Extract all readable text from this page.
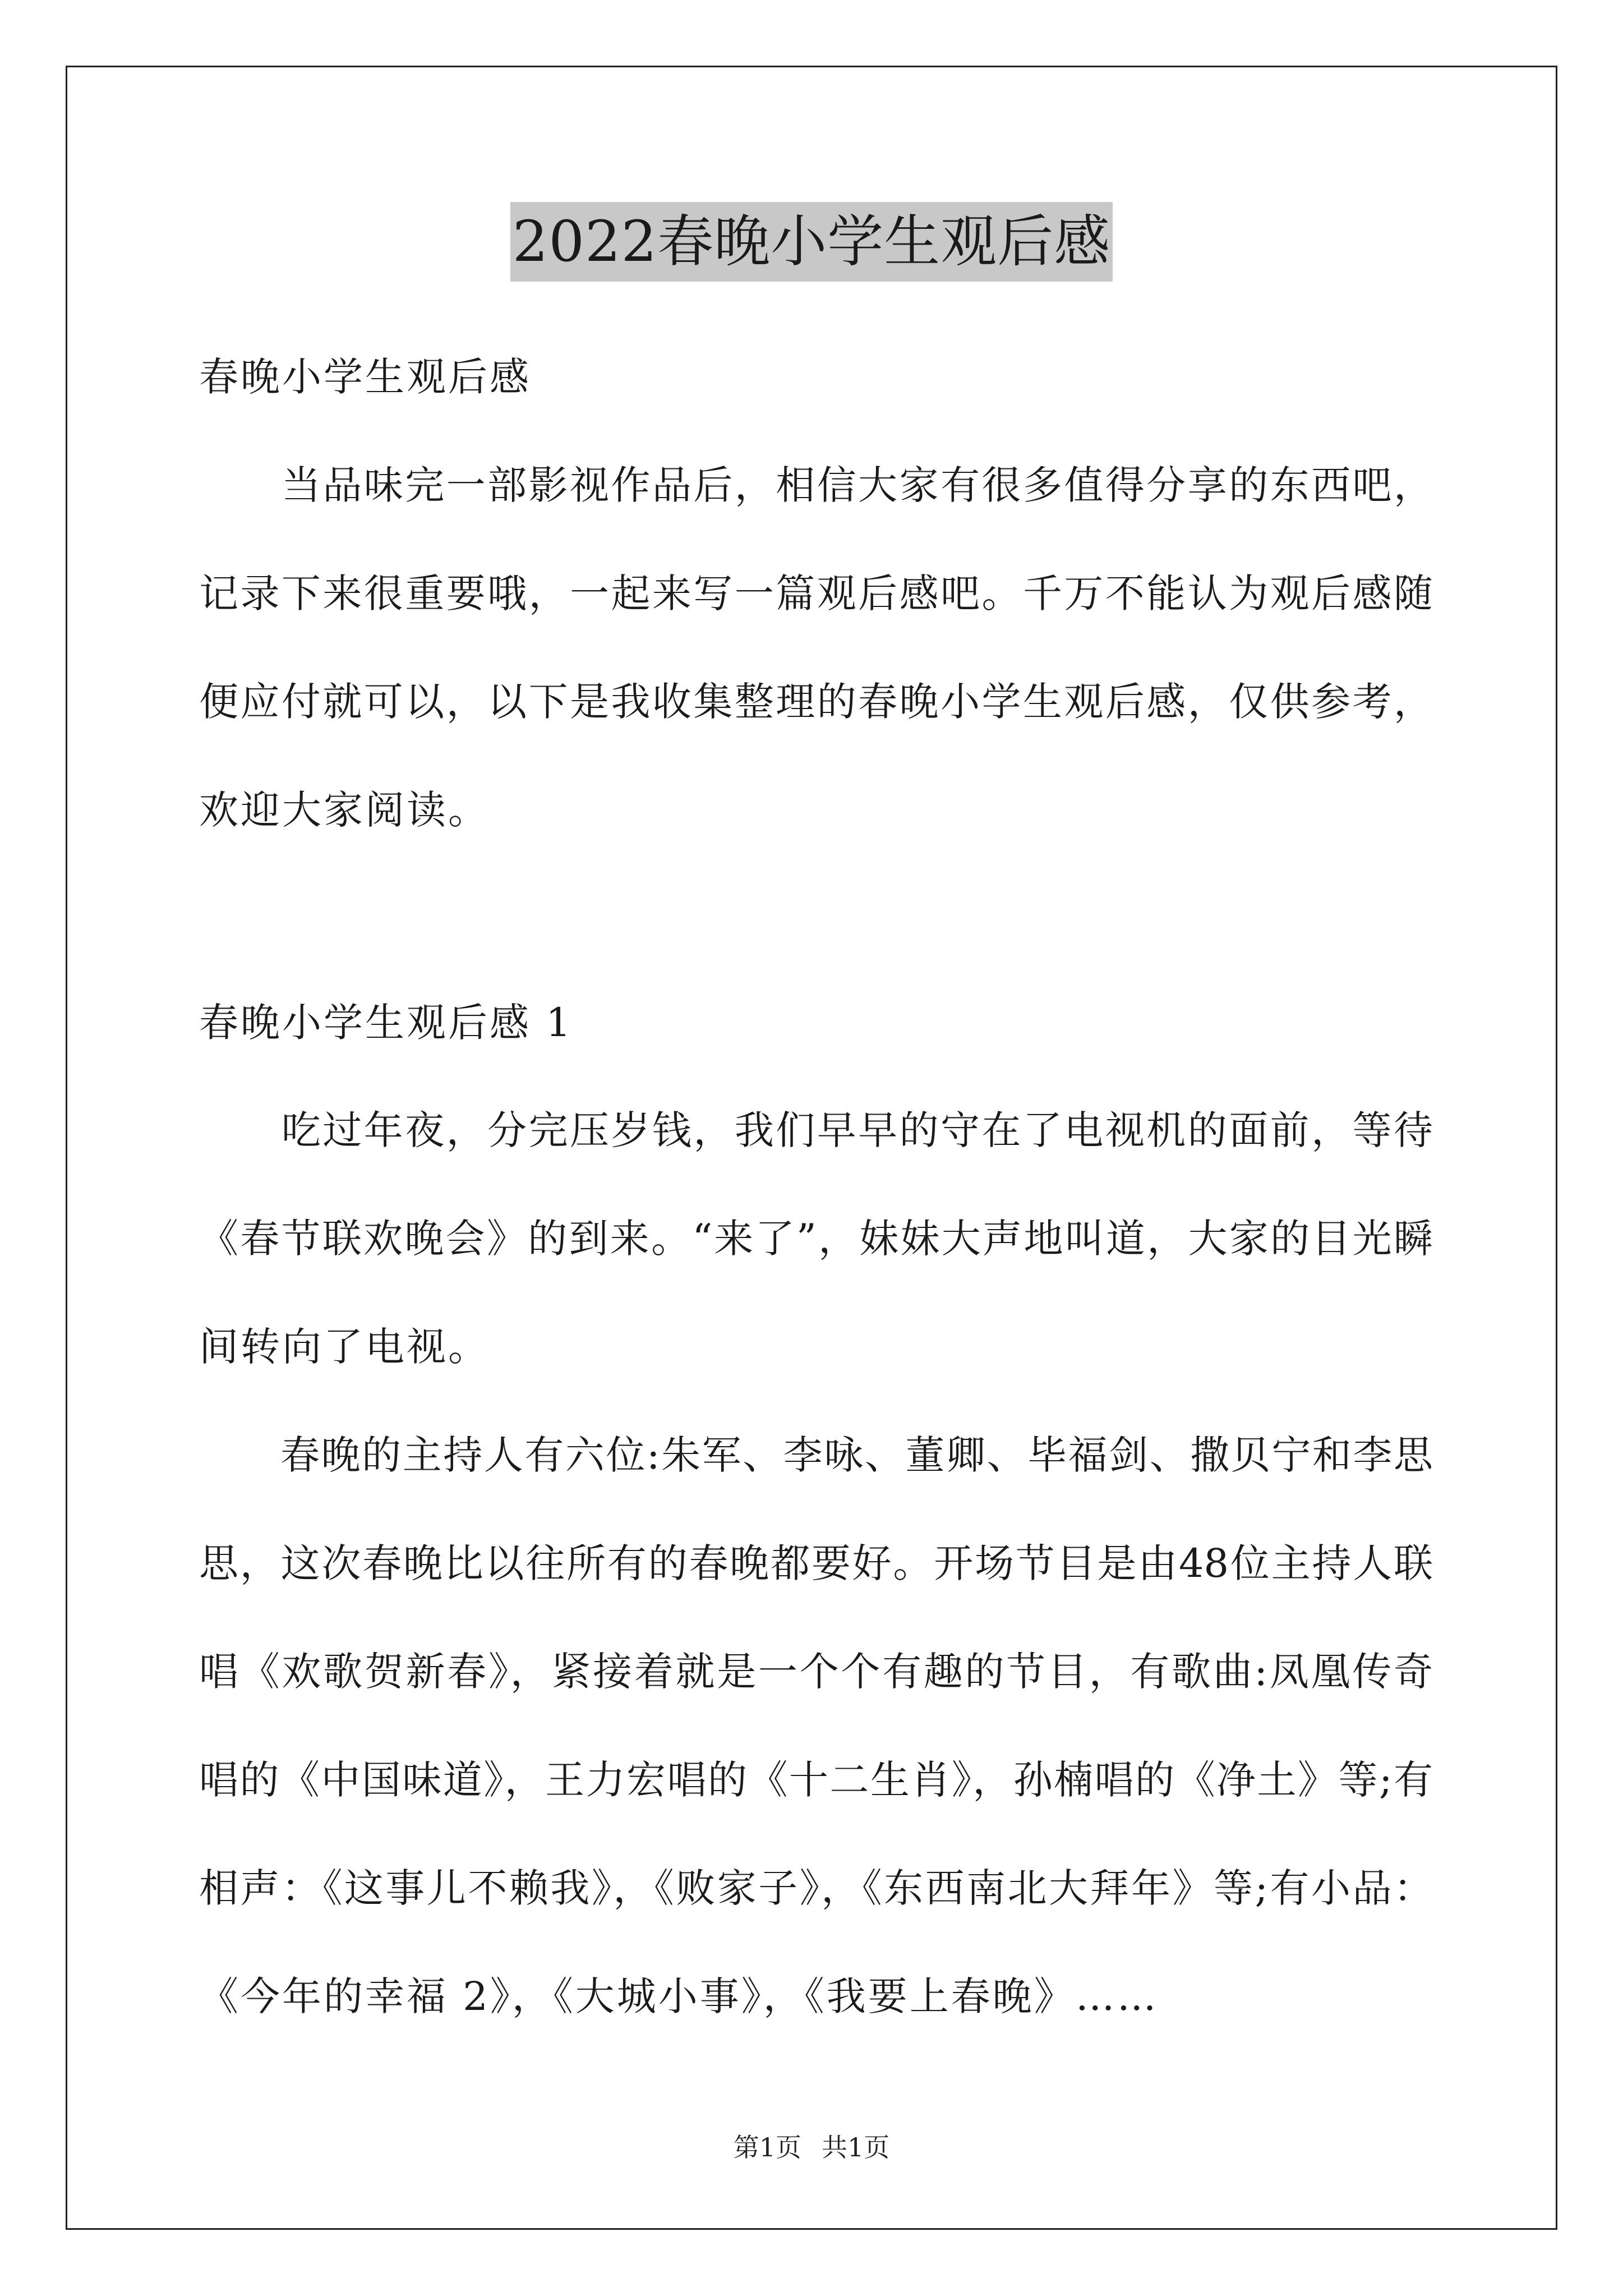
2022春晚小学生观后感
春晚小学生观后感
　　当品味完一部影视作品后，相信大家有很多值得分享的东西吧，
记录下来很重要哦，一起来写一篇观后感吧。千万不能认为观后感随
便应付就可以，以下是我收集整理的春晚小学生观后感，仅供参考，
欢迎大家阅读。
春晚小学生观后感 1
　　吃过年夜，分完压岁钱，我们早早的守在了电视机的面前，等待
《春节联欢晚会》的到来。“来了”，妹妹大声地叫道，大家的目光瞬
间转向了电视。
　　春晚的主持人有六位:朱军、李咏、董卿、毕福剑、撒贝宁和李思
思，这次春晚比以往所有的春晚都要好。开场节目是由48位主持人联
唱《欢歌贺新春》，紧接着就是一个个有趣的节目，有歌曲:凤凰传奇
唱的《中国味道》，王力宏唱的《十二生肖》，孙楠唱的《净土》等;有
相声：《这事儿不赖我》，《败家子》，《东西南北大拜年》等;有小品：
《今年的幸福 2》，《大城小事》，《我要上春晚》……
第1页 共1页
